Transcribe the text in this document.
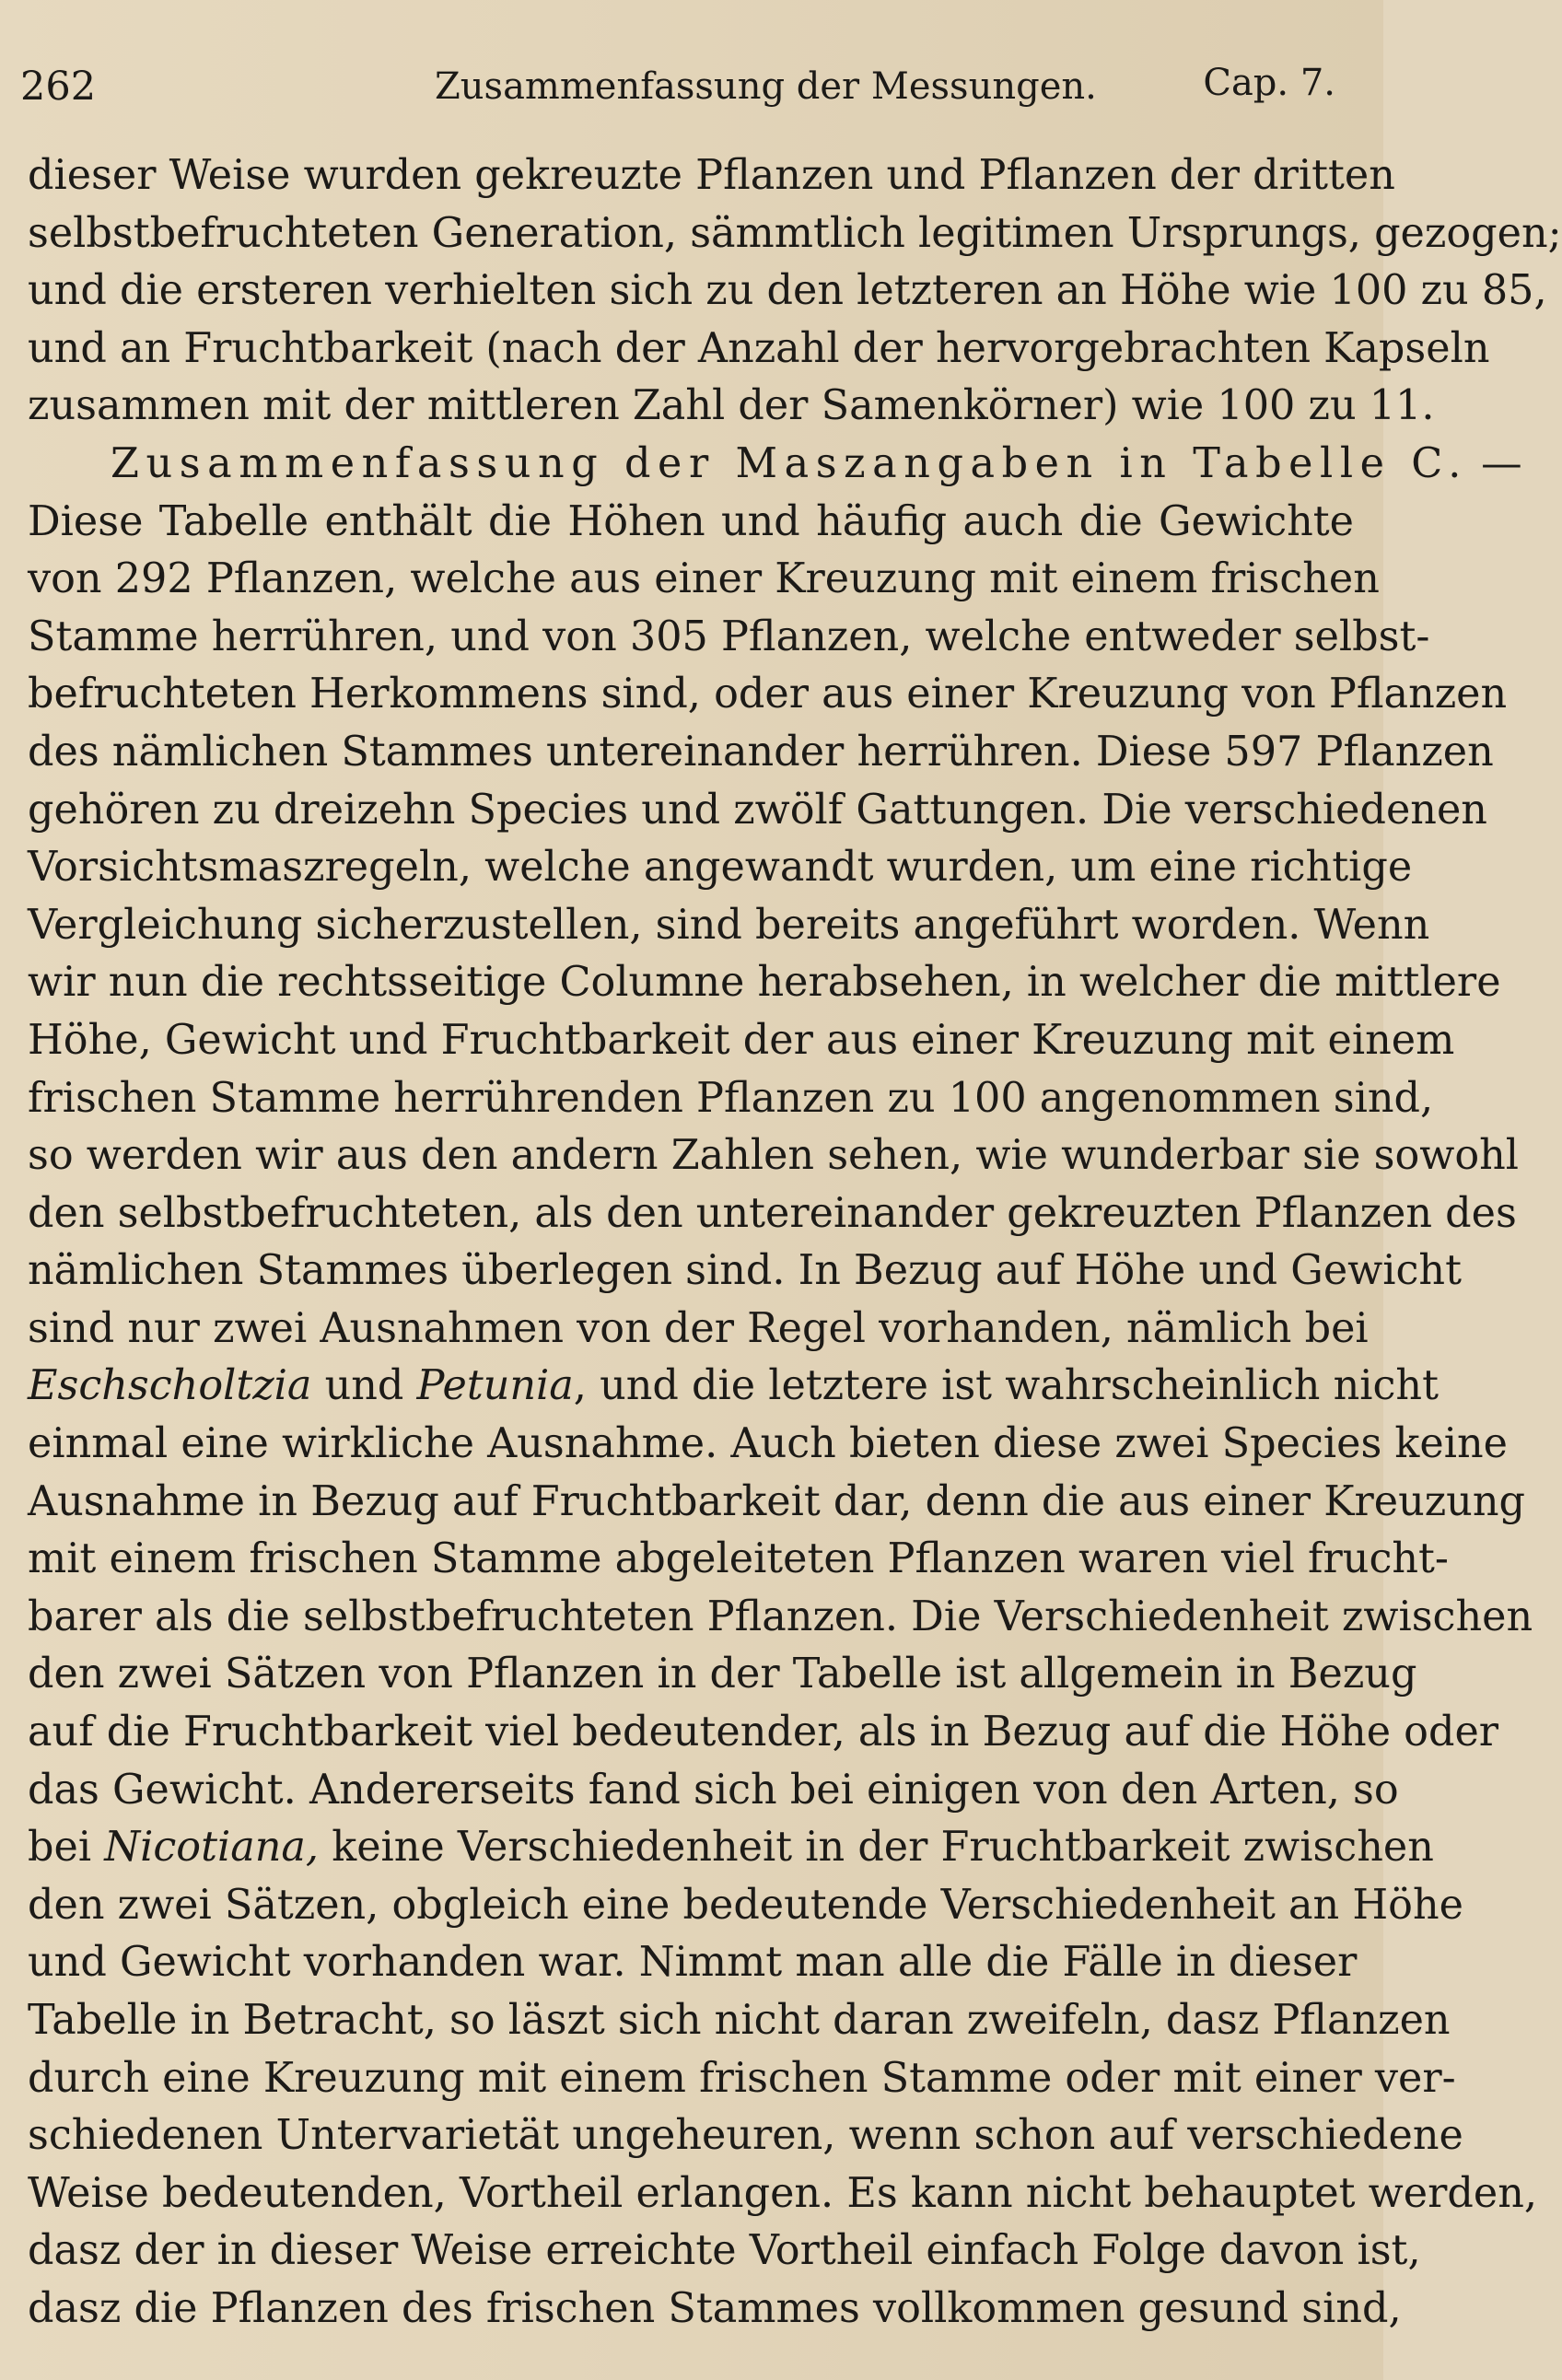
262	Zusammenfassung der Messungen.	Cap. 7.
dieser Weise wurden gekreuzte Pflanzen und Pflanzen der dritten
selbstbefruchteten Generation, sämmtlich legitimen Ursprungs, gezogen;
und die ersteren verhielten sich zu den letzteren an Höhe wie 100 zu 85,
und an Fruchtbarkeit (nach der Anzahl der hervorgebrachten Kapseln
zusammen mit der mittleren Zahl der Samenkörner) wie 100 zu 11.
Zusammenfassung der Maszangaben in Tabelle C. —
Diese Tabelle enthält die Höhen und häufig auch die Gewichte
von 292 Pflanzen, welche aus einer Kreuzung mit einem frischen
Stamme herrühren, und von 305 Pflanzen, welche entweder selbst-
befruchteten Herkommens sind, oder aus einer Kreuzung von Pflanzen
des nämlichen Stammes untereinander herrühren. Diese 597 Pflanzen
gehören zu dreizehn Species und zwölf Gattungen. Die verschiedenen
Vorsichtsmaszregeln, welche angewandt wurden, um eine richtige
Vergleichung sicherzustellen, sind bereits angeführt worden. Wenn
wir nun die rechtsseitige Columne herabsehen, in welcher die mittlere
Höhe, Gewicht und Fruchtbarkeit der aus einer Kreuzung mit einem
frischen Stamme herrührenden Pflanzen zu 100 angenommen sind,
so werden wir aus den andern Zahlen sehen, wie wunderbar sie sowohl
den selbstbefruchteten, als den untereinander gekreuzten Pflanzen des
nämlichen Stammes überlegen sind. In Bezug auf Höhe und Gewicht
sind nur zwei Ausnahmen von der Regel vorhanden, nämlich bei
Eschscholtzia und Petunia, und die letztere ist wahrscheinlich nicht
einmal eine wirkliche Ausnahme. Auch bieten diese zwei Species keine
Ausnahme in Bezug auf Fruchtbarkeit dar, denn die aus einer Kreuzung
mit einem frischen Stamme abgeleiteten Pflanzen waren viel frucht-
barer als die selbstbefruchteten Pflanzen. Die Verschiedenheit zwischen
den zwei Sätzen von Pflanzen in der Tabelle ist allgemein in Bezug
auf die Fruchtbarkeit viel bedeutender, als in Bezug auf die Höhe oder
das Gewicht. Andererseits fand sich bei einigen von den Arten, so
bei Nicotiana, keine Verschiedenheit in der Fruchtbarkeit zwischen
den zwei Sätzen, obgleich eine bedeutende Verschiedenheit an Höhe
und Gewicht vorhanden war. Nimmt man alle die Fälle in dieser
Tabelle in Betracht, so läszt sich nicht daran zweifeln, dasz Pflanzen
durch eine Kreuzung mit einem frischen Stamme oder mit einer ver-
schiedenen Untervarietät ungeheuren, wenn schon auf verschiedene
Weise bedeutenden, Vortheil erlangen. Es kann nicht behauptet werden,
dasz der in dieser Weise erreichte Vortheil einfach Folge davon ist,
dasz die Pflanzen des frischen Stammes vollkommen gesund sind,
